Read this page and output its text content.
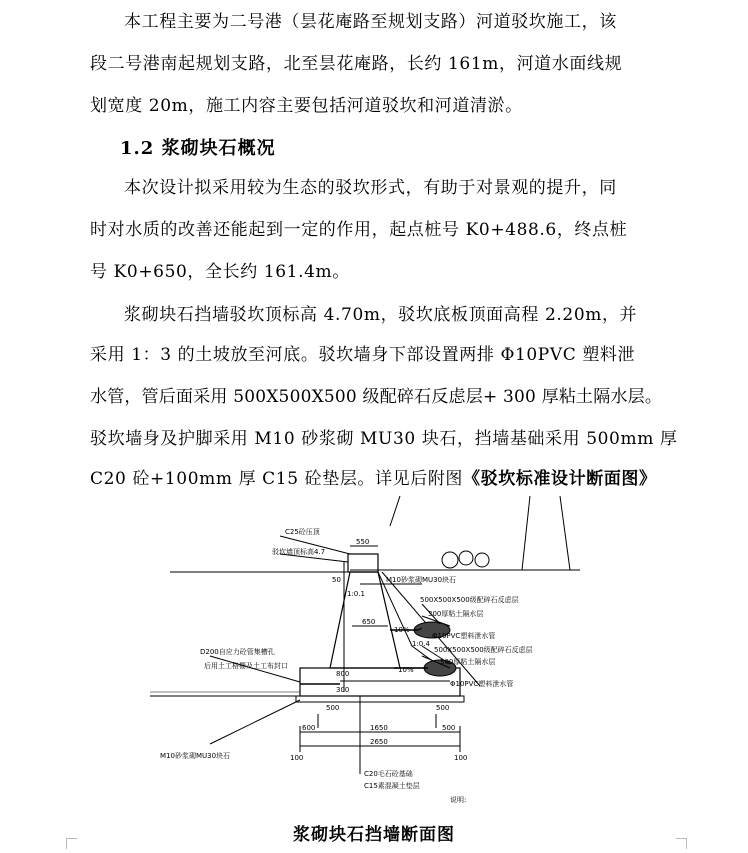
本工程主要为二号港（昙花庵路至规划支路）河道驳坎施工，该
段二号港南起规划支路，北至昙花庵路，长约 161m，河道水面线规
划宽度 20m，施工内容主要包括河道驳坎和河道清淤。
1.2 浆砌块石概况
本次设计拟采用较为生态的驳坎形式，有助于对景观的提升，同
时对水质的改善还能起到一定的作用，起点桩号 K0+488.6，终点桩
号 K0+650，全长约 161.4m。
浆砌块石挡墙驳坎顶标高 4.70m，驳坎底板顶面高程 2.20m，并
采用 1：3 的土坡放至河底。驳坎墙身下部设置两排 Φ10PVC 塑料泄
水管，管后面采用 500X500X500 级配碎石反虑层+ 300 厚粘土隔水层。
驳坎墙身及护脚采用 M10 砂浆砌 MU30 块石，挡墙基础采用 500mm 厚
C20 砼+100mm 厚 C15 砼垫层。详见后附图《驳坎标准设计断面图》
C25砼压顶
驳坎墙顶标高4.7
550
50	M10砂浆砌MU30块石
500X500X500级配碎石反虑层
300厚粘土隔水层
Φ10PVC塑料泄水管
500X500X500级配碎石反虑层
300厚粘土隔水层
Φ10PVC塑料泄水管
650
10%
10%
1:0.1
1:0.4
D200自应力砼管集槽孔
后用土工格栅及土工布封口
800
300
500	500
M10砂浆砌MU30块石
600	1650	500
2650
100	100
C20毛石砼基础
C15素混凝土垫层
说明:
浆砌块石挡墙断面图
